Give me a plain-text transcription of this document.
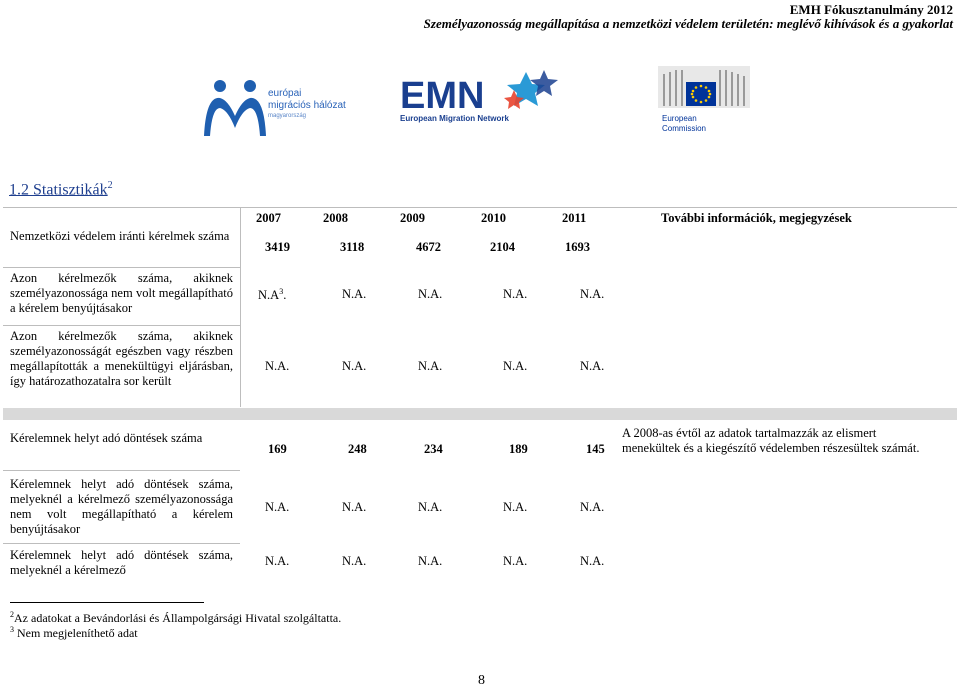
EMH Fókusztanulmány 2012
Személyazonosság megállapítása a nemzetközi védelem területén: meglévő kihívások és a gyakorlat
európai
migrációs hálózat
magyarország EMN
European Migration Network	European
Commission
1.2 Statisztikák$^2$
2007	2008	2009	2010	2011	További információk, megjegyzések
Nemzetközi védelem iránti kérelmek száma
3419	3118	4672	2104	1693
Azon kérelmezők száma, akiknek személyazonossága nem volt megállapítható a kérelem benyújtásakor
$N.A^3$.	N.A.	N.A.	N.A.	N.A.
Azon kérelmezők száma, akiknek személyazonosságát egészben vagy részben megállapították a menekültügyi eljárásban, így határozathozatalra sor került
N.A.	N.A.	N.A.	N.A.	N.A.
Kérelemnek helyt adó döntések száma
169	248	234	189	145
A 2008-as évtől az adatok tartalmazzák az elismert menekültek és a kiegészítő védelemben részesültek számát.
Kérelemnek helyt adó döntések száma, melyeknél a kérelmező személyazonossága nem volt megállapítható a kérelem benyújtásakor
N.A.	N.A.	N.A.	N.A.	N.A.
Kérelemnek helyt adó döntések száma, melyeknél a kérelmező
N.A.	N.A.	N.A.	N.A.	N.A.
$^2$Az adatokat a Bevándorlási és Állampolgársági Hivatal szolgáltatta.
$^3$ Nem megjeleníthető adat
8
